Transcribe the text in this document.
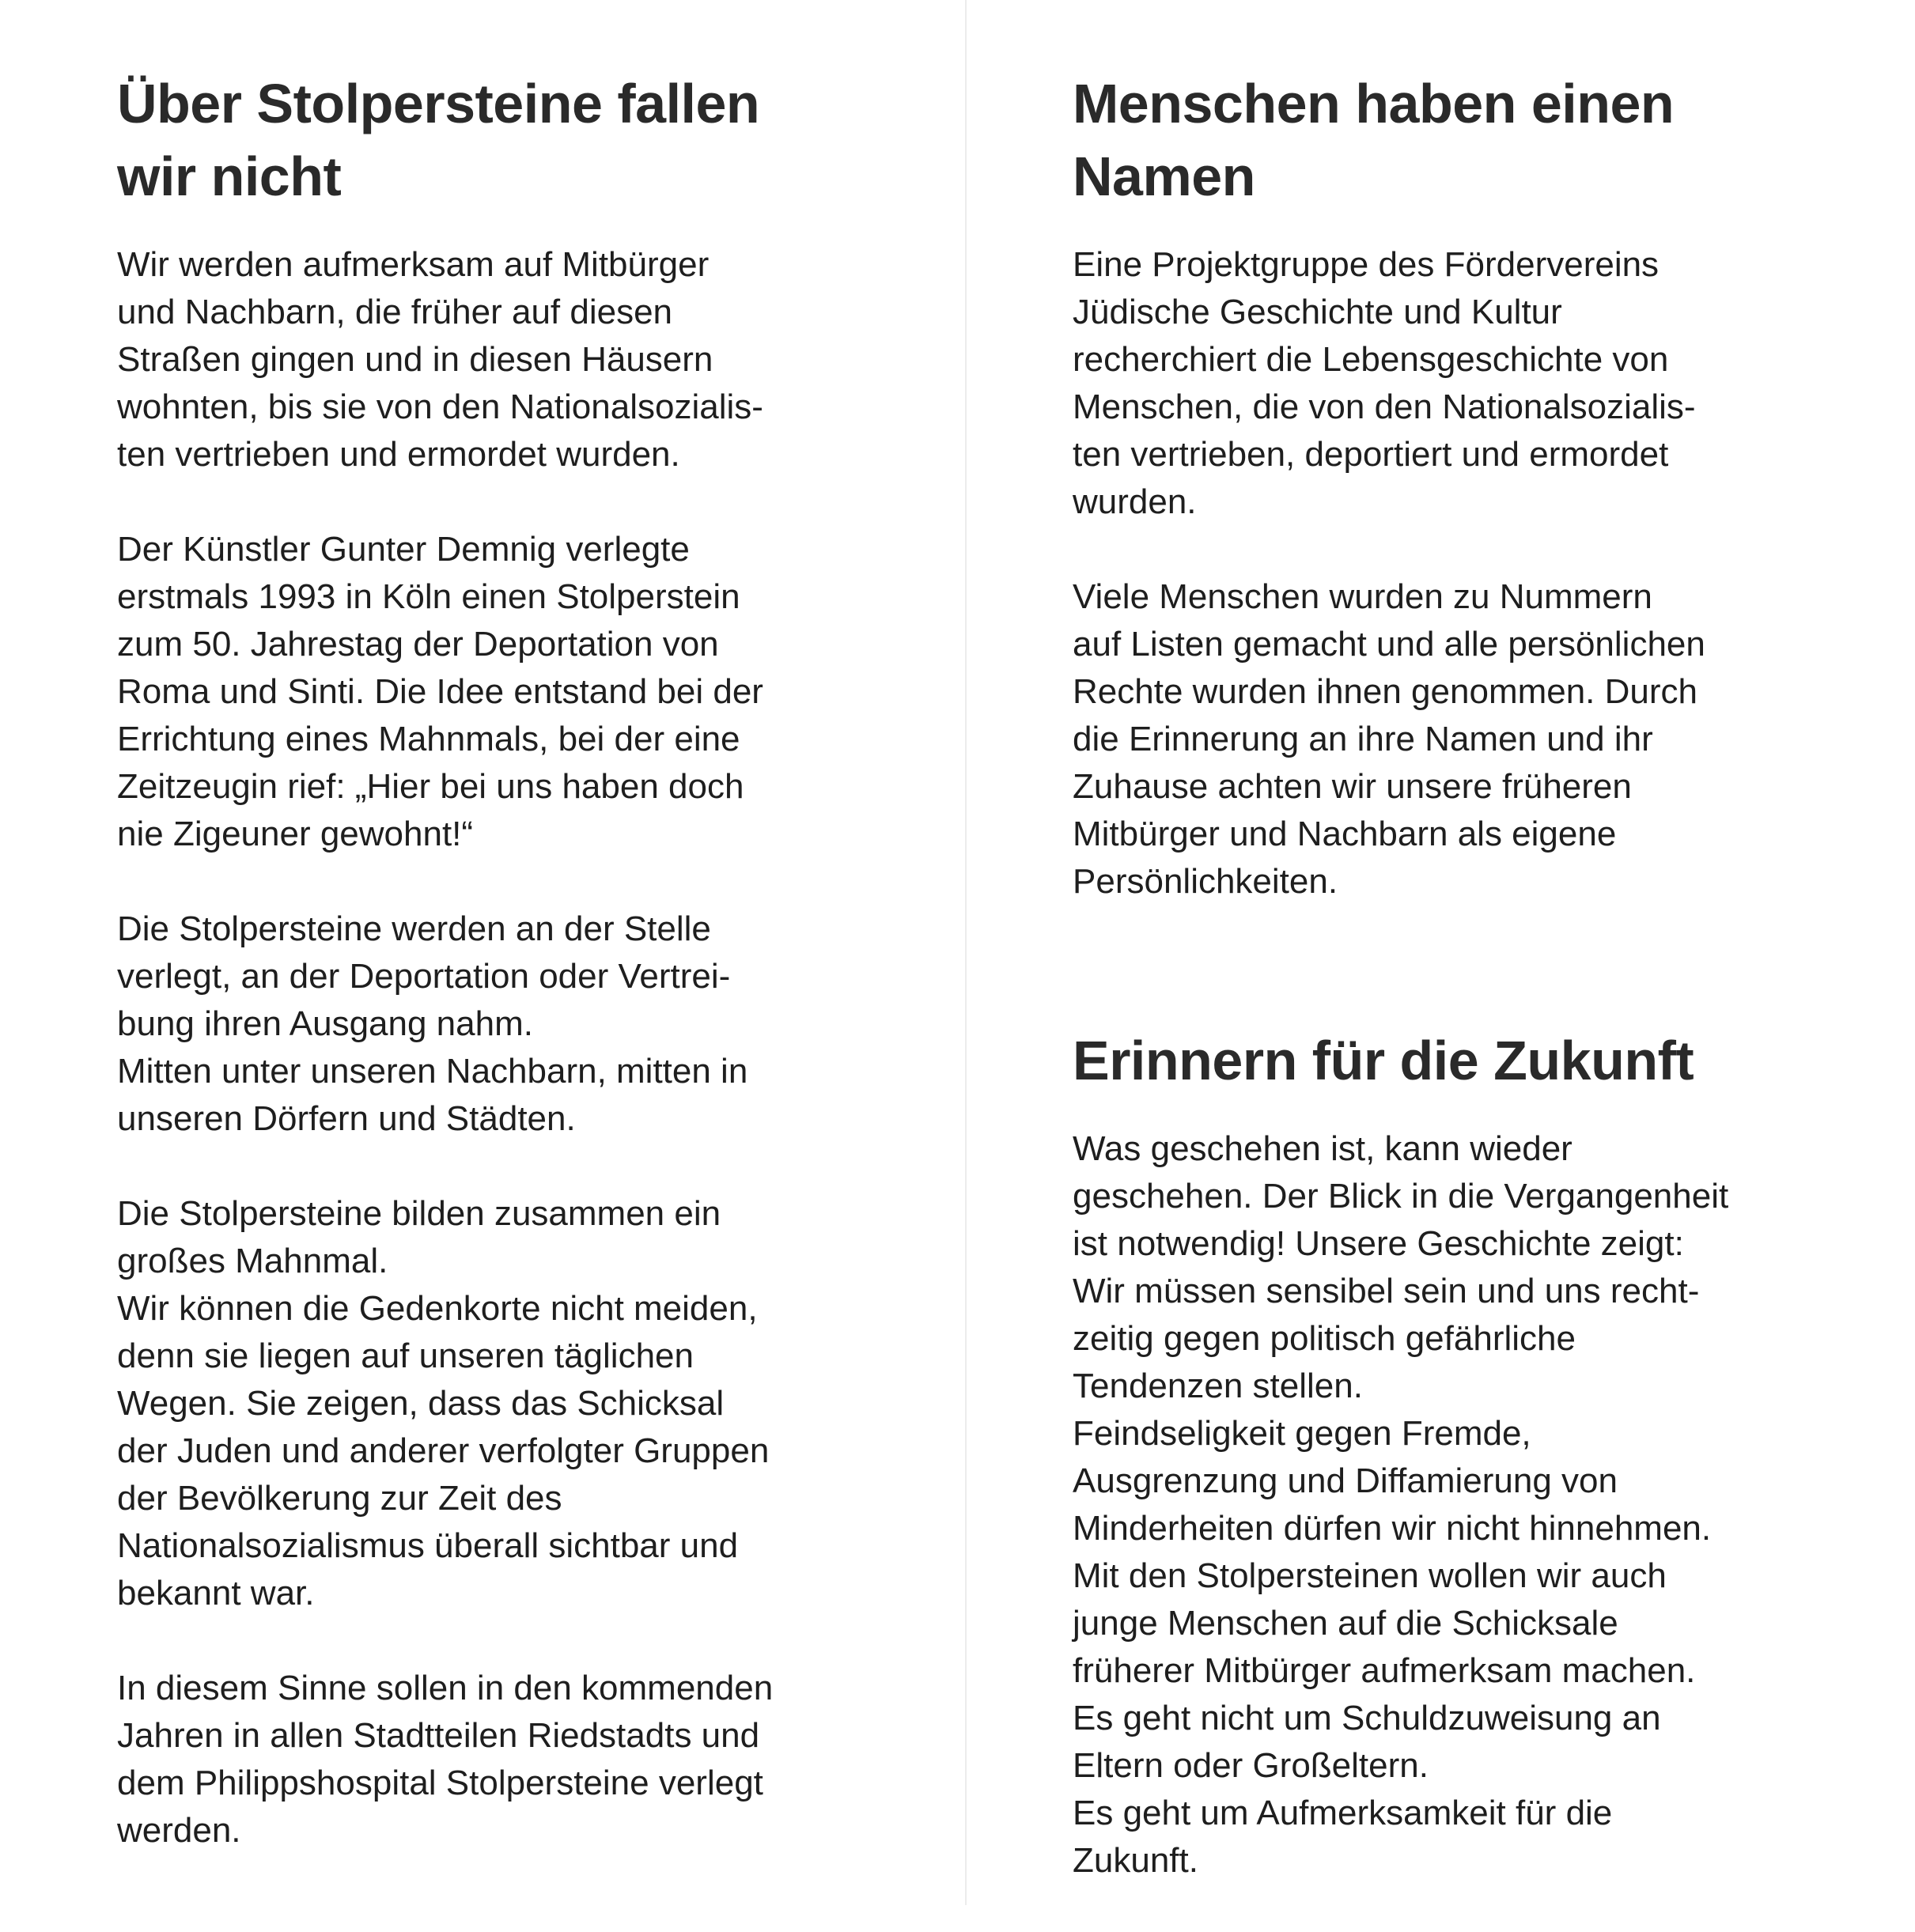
Über Stolpersteine fallen
wir nicht

Wir werden aufmerksam auf Mitbürger
und Nachbarn, die früher auf diesen
Straßen gingen und in diesen Häusern
wohnten, bis sie von den Nationalsozialis-
ten vertrieben und ermordet wurden.

Der Künstler Gunter Demnig verlegte
erstmals 1993 in Köln einen Stolperstein
zum 50. Jahrestag der Deportation von
Roma und Sinti. Die Idee entstand bei der
Errichtung eines Mahnmals, bei der eine
Zeitzeugin rief: „Hier bei uns haben doch
nie Zigeuner gewohnt!“

Die Stolpersteine werden an der Stelle
verlegt, an der Deportation oder Vertrei-
bung ihren Ausgang nahm.
Mitten unter unseren Nachbarn, mitten in
unseren Dörfern und Städten.

Die Stolpersteine bilden zusammen ein
großes Mahnmal.
Wir können die Gedenkorte nicht meiden,
denn sie liegen auf unseren täglichen
Wegen. Sie zeigen, dass das Schicksal
der Juden und anderer verfolgter Gruppen
der Bevölkerung zur Zeit des
Nationalsozialismus überall sichtbar und
bekannt war.

In diesem Sinne sollen in den kommenden
Jahren in allen Stadtteilen Riedstadts und
dem Philippshospital Stolpersteine verlegt
werden.

Menschen haben einen
Namen

Eine Projektgruppe des Fördervereins
Jüdische Geschichte und Kultur
recherchiert die Lebensgeschichte von
Menschen, die von den Nationalsozialis-
ten vertrieben, deportiert und ermordet
wurden.

Viele Menschen wurden zu Nummern
auf Listen gemacht und alle persönlichen
Rechte wurden ihnen genommen. Durch
die Erinnerung an ihre Namen und ihr
Zuhause achten wir unsere früheren
Mitbürger und Nachbarn als eigene
Persönlichkeiten.

Erinnern für die Zukunft

Was geschehen ist, kann wieder
geschehen. Der Blick in die Vergangenheit
ist notwendig! Unsere Geschichte zeigt:
Wir müssen sensibel sein und uns recht-
zeitig gegen politisch gefährliche
Tendenzen stellen.
Feindseligkeit gegen Fremde,
Ausgrenzung und Diffamierung von
Minderheiten dürfen wir nicht hinnehmen.
Mit den Stolpersteinen wollen wir auch
junge Menschen auf die Schicksale
früherer Mitbürger aufmerksam machen.
Es geht nicht um Schuldzuweisung an
Eltern oder Großeltern.
Es geht um Aufmerksamkeit für die
Zukunft.
